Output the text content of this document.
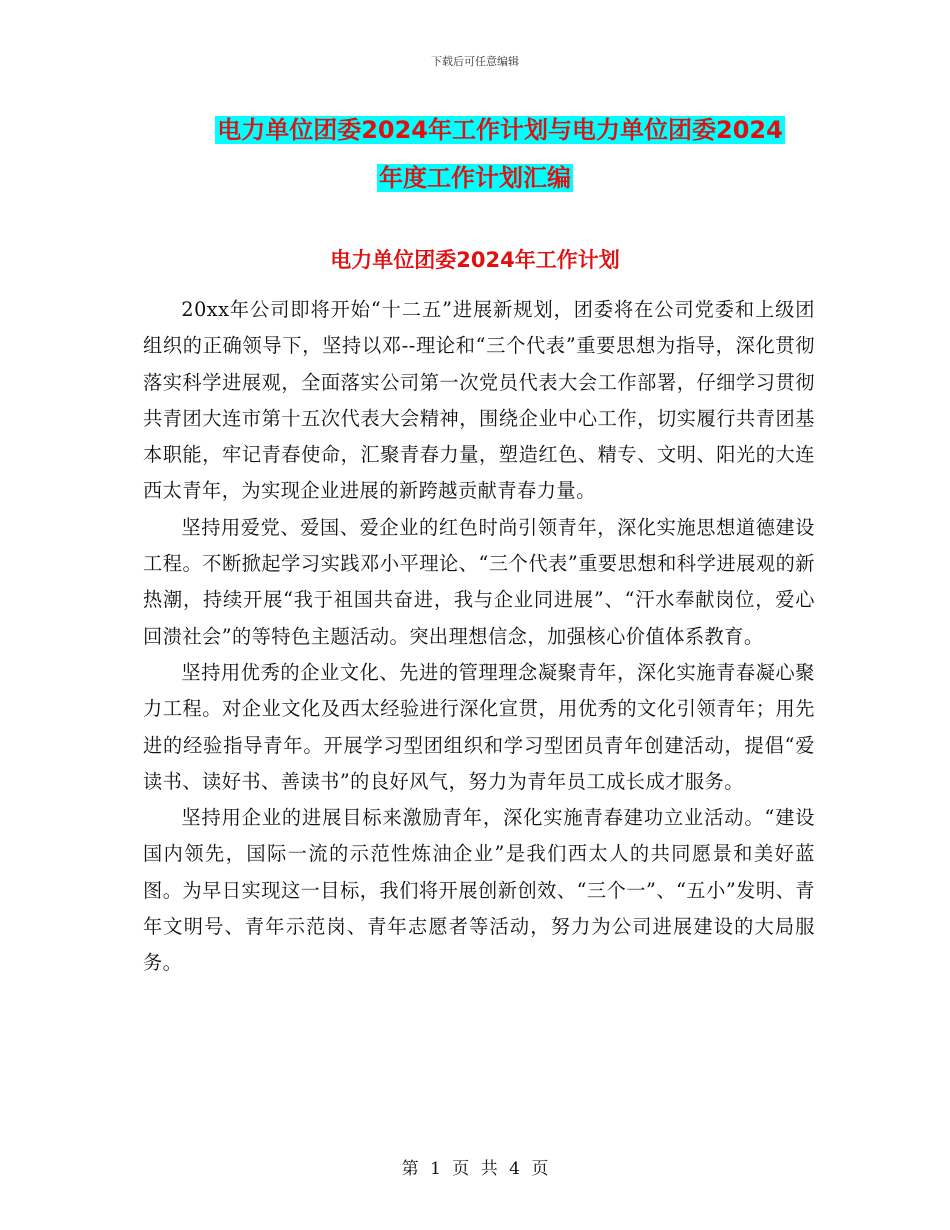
下载后可任意编辑
电力单位团委2024年工作计划与电力单位团委2024
年度工作计划汇编
电力单位团委2024年工作计划

20xx年公司即将开始“十二五”进展新规划，团委将在公司党委和上级团组织的正确领导下，坚持以邓--理论和“三个代表”重要思想为指导，深化贯彻落实科学进展观，全面落实公司第一次党员代表大会工作部署，仔细学习贯彻共青团大连市第十五次代表大会精神，围绕企业中心工作，切实履行共青团基本职能，牢记青春使命，汇聚青春力量，塑造红色、精专、文明、阳光的大连西太青年，为实现企业进展的新跨越贡献青春力量。

坚持用爱党、爱国、爱企业的红色时尚引领青年，深化实施思想道德建设工程。不断掀起学习实践邓小平理论、“三个代表”重要思想和科学进展观的新热潮，持续开展“我于祖国共奋进，我与企业同进展”、“汗水奉献岗位，爱心回溃社会”的等特色主题活动。突出理想信念，加强核心价值体系教育。

坚持用优秀的企业文化、先进的管理理念凝聚青年，深化实施青春凝心聚力工程。对企业文化及西太经验进行深化宣贯，用优秀的文化引领青年；用先进的经验指导青年。开展学习型团组织和学习型团员青年创建活动，提倡“爱读书、读好书、善读书”的良好风气，努力为青年员工成长成才服务。

坚持用企业的进展目标来激励青年，深化实施青春建功立业活动。“建设国内领先，国际一流的示范性炼油企业”是我们西太人的共同愿景和美好蓝图。为早日实现这一目标，我们将开展创新创效、“三个一”、“五小”发明、青年文明号、青年示范岗、青年志愿者等活动，努力为公司进展建设的大局服务。

第 1 页 共 4 页
